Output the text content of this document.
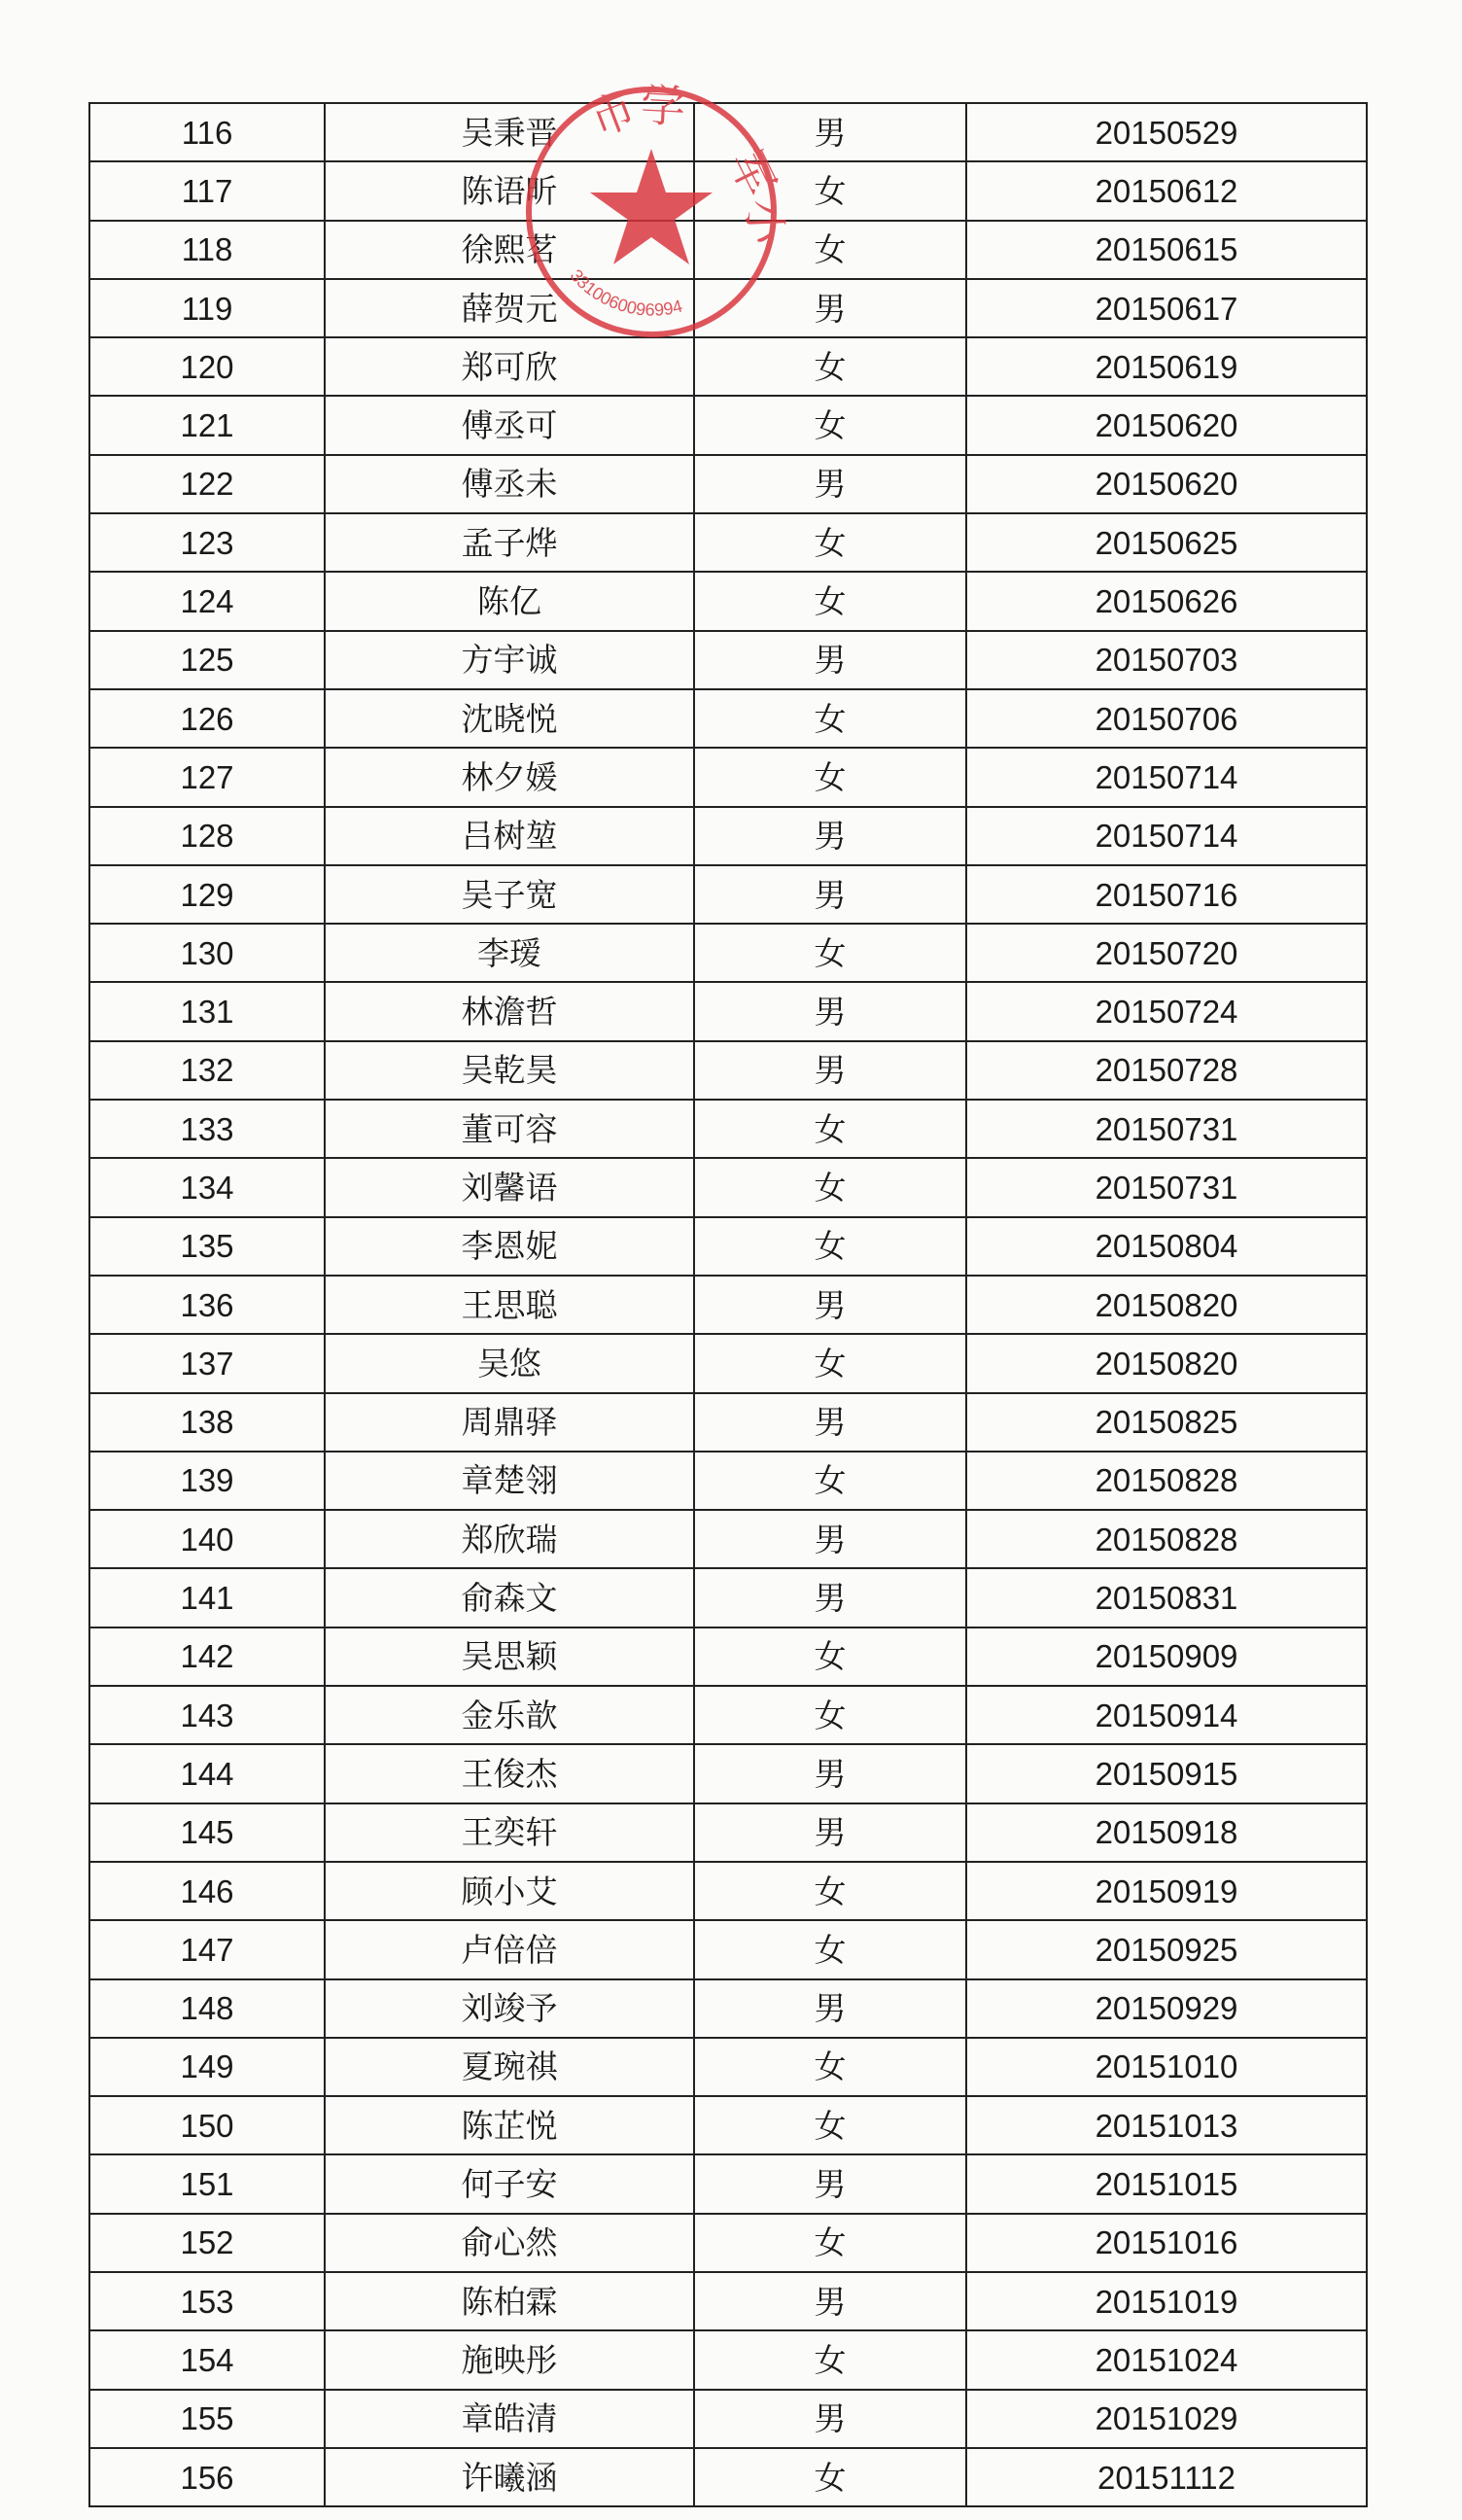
116	吴秉晋	男	20150529
117	陈语昕	女	20150612
118	徐熙茗	女	20150615
119	薛贺元	男	20150617
120	郑可欣	女	20150619
121	傅丞可	女	20150620
122	傅丞未	男	20150620
123	孟子烨	女	20150625
124	陈亿	女	20150626
125	方宇诚	男	20150703
126	沈晓悦	女	20150706
127	林夕媛	女	20150714
128	吕树堃	男	20150714
129	吴子宽	男	20150716
130	李瑷	女	20150720
131	林澹哲	男	20150724
132	吴乾昊	男	20150728
133	董可容	女	20150731
134	刘馨语	女	20150731
135	李恩妮	女	20150804
136	王思聪	男	20150820
137	吴悠	女	20150820
138	周鼎驿	男	20150825
139	章楚翎	女	20150828
140	郑欣瑞	男	20150828
141	俞森文	男	20150831
142	吴思颖	女	20150909
143	金乐歆	女	20150914
144	王俊杰	男	20150915
145	王奕轩	男	20150918
146	顾小艾	女	20150919
147	卢倍倍	女	20150925
148	刘竣予	男	20150929
149	夏琬祺	女	20151010
150	陈芷悦	女	20151013
151	何子安	男	20151015
152	俞心然	女	20151016
153	陈柏霖	男	20151019
154	施映彤	女	20151024
155	章皓清	男	20151029
156	许曦涵	女	20151112
市学
军小
3310060096994
